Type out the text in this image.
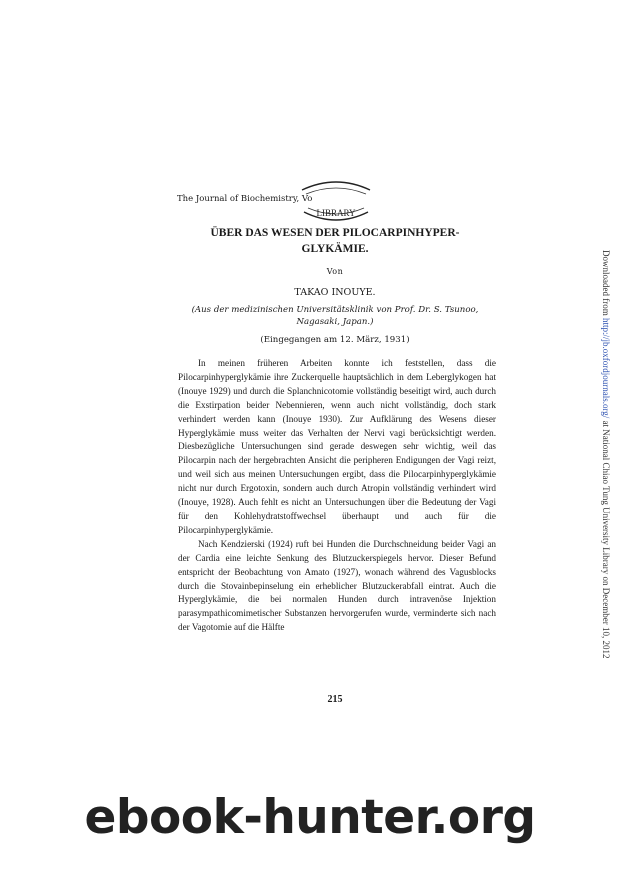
The Journal of Biochemistry, Vo
LIBRARY
ÜBER DAS WESEN DER PILOCARPINHYPER-
GLYKÄMIE.
Von
TAKAO INOUYE.
(Aus der medizinischen Universitätsklinik von Prof. Dr. S. Tsunoo,
Nagasaki, Japan.)
(Eingegangen am 12. März, 1931)

In meinen früheren Arbeiten konnte ich feststellen, dass die Pilocarpinhyperglykämie ihre Zuckerquelle hauptsächlich in dem Leberglykogen hat (Inouye 1929) und durch die Splanchnicotomie vollständig beseitigt wird, auch durch die Exstirpation beider Nebennieren, wenn auch nicht vollständig, doch stark verhindert werden kann (Inouye 1930). Zur Aufklärung des Wesens dieser Hyperglykämie muss weiter das Verhalten der Nervi vagi berücksichtigt werden. Diesbezügliche Untersuchungen sind gerade deswegen sehr wichtig, weil das Pilocarpin nach der hergebrachten Ansicht die peripheren Endigungen der Vagi reizt, und weil sich aus meinen Untersuchungen ergibt, dass die Pilocarpinhyperglykämie nicht nur durch Ergotoxin, sondern auch durch Atropin vollständig verhindert wird (Inouye, 1928). Auch fehlt es nicht an Untersuchungen über die Bedeutung der Vagi für den Kohlehydratstoffwechsel überhaupt und auch für die Pilocarpinhyperglykämie.

Nach Kendzierski (1924) ruft bei Hunden die Durchschneidung beider Vagi an der Cardia eine leichte Senkung des Blutzuckerspiegels hervor. Dieser Befund entspricht der Beobachtung von Amato (1927), wonach während des Vagusblocks durch die Stovainbepinselung ein erheblicher Blutzuckerabfall eintrat. Auch die Hyperglykämie, die bei normalen Hunden durch intravenöse Injektion parasympathicomimetischer Substanzen hervorgerufen wurde, verminderte sich nach der Vagotomie auf die Hälfte

215
Downloaded from http://jb.oxfordjournals.org/ at National Chiao Tung University Library on December 10, 2012
ebook-hunter.org
